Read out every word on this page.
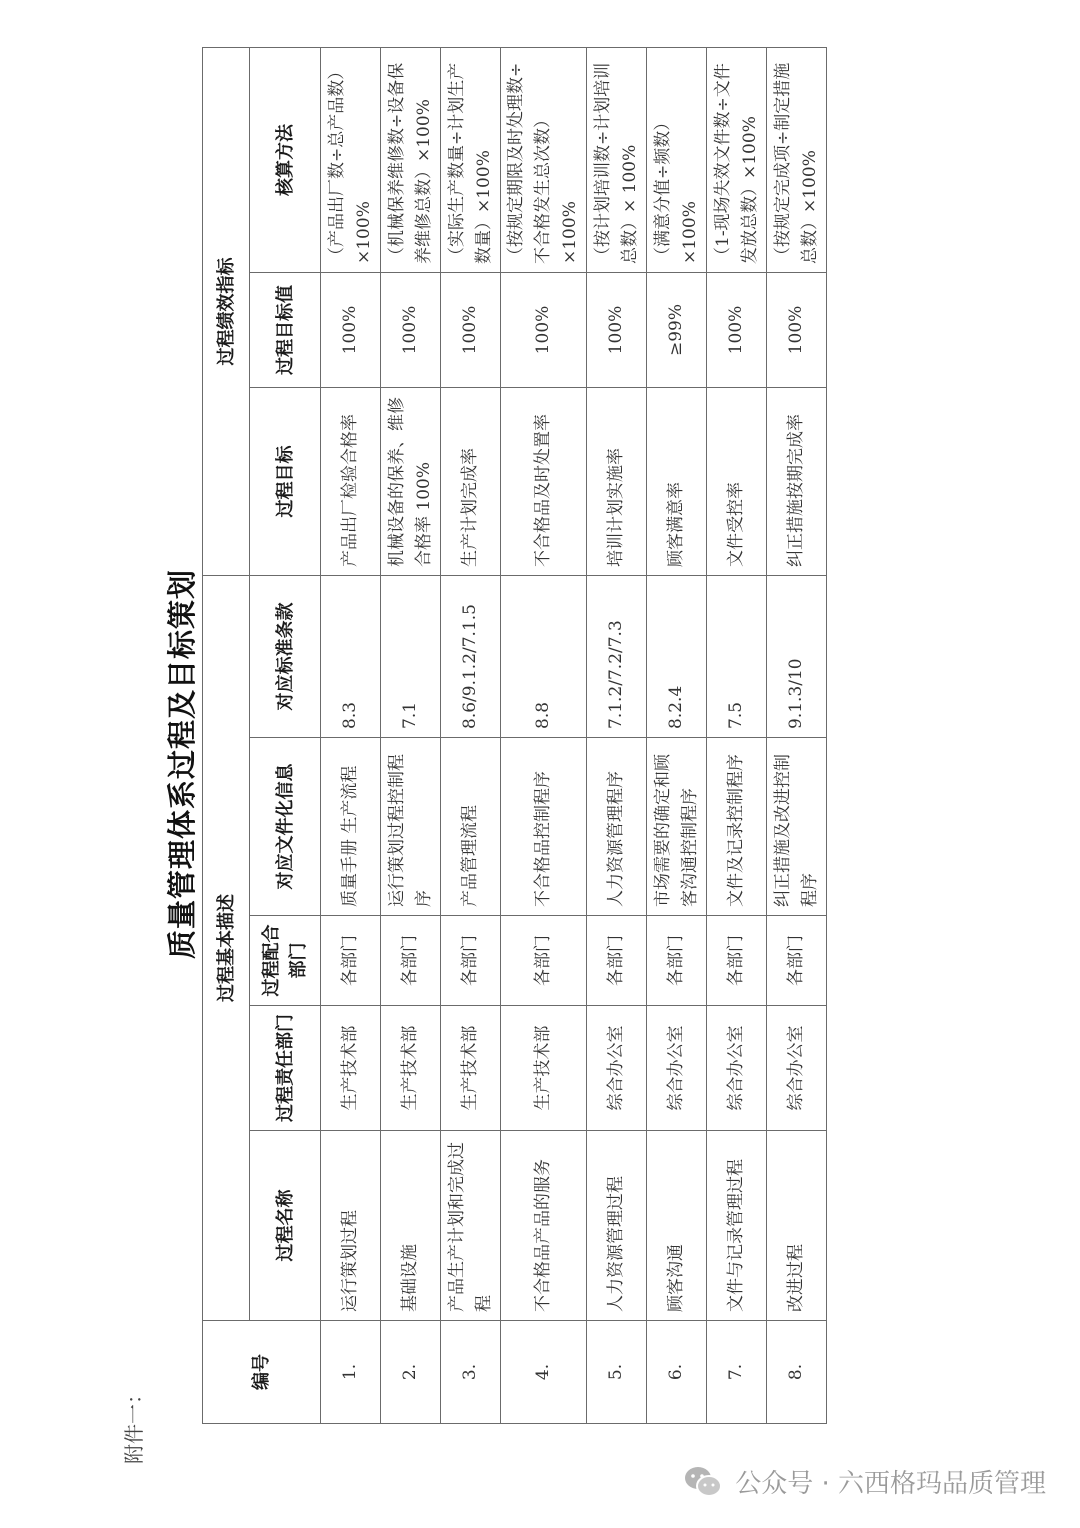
附件一：
质量管理体系过程及目标策划
编号	过程基本描述					过程绩效指标		
	过程名称	过程责任部门	过程配合部门	对应文件化信息	对应标准条款	过程目标	过程目标值	核算方法
1.	运行策划过程	生产技术部	各部门	质量手册 生产流程	8.3	产品出厂检验合格率	100%	（产品出厂数÷总产品数）×100%
2.	基础设施	生产技术部	各部门	运行策划过程控制程序	7.1	机械设备的保养、维修合格率 100%	100%	（机械保养维修数÷设备保养维修总数）×100%
3.	产品生产计划和完成过程	生产技术部	各部门	产品管理流程	8.6/9.1.2/7.1.5	生产计划完成率	100%	（实际生产数量÷计划生产数量）×100%
4.	不合格品产品的服务	生产技术部	各部门	不合格品控制程序	8.8	不合格品及时处置率	100%	（按规定期限及时处理数÷不合格发生总次数）×100%
5.	人力资源管理过程	综合办公室	各部门	人力资源管理程序	7.1.2/7.2/7.3	培训计划实施率	100%	（按计划培训数÷计划培训总数）× 100%
6.	顾客沟通	综合办公室	各部门	市场需要的确定和顾客沟通控制程序	8.2.4	顾客满意率	≥99%	（满意分值÷频数）×100%
7.	文件与记录管理过程	综合办公室	各部门	文件及记录控制程序	7.5	文件受控率	100%	（1-现场失效文件数÷文件发放总数）×100%
8.	改进过程	综合办公室	各部门	纠正措施及改进控制程序	9.1.3/10	纠正措施按期完成率	100%	（按规定完成项÷制定措施总数）×100%
公众号 · 六西格玛品质管理
